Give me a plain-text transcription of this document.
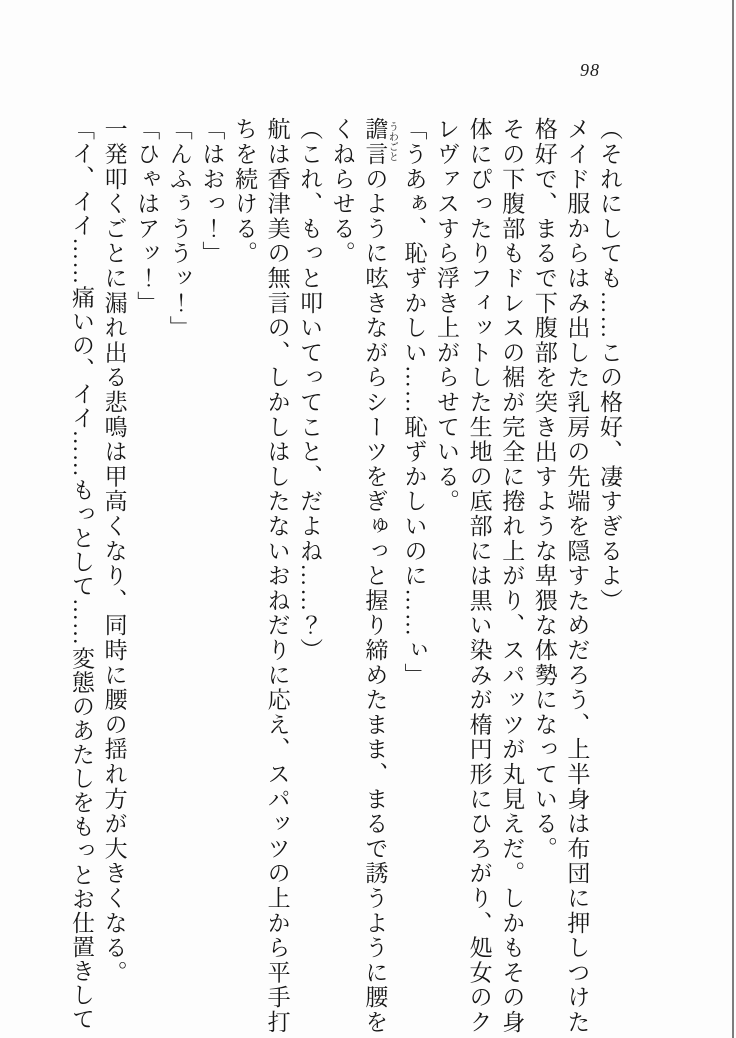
98

（それにしても……この格好、凄すぎるよ）

メイド服からはみ出した乳房の先端を隠すためだろう、上半身は布団に押しつけた格好で、まるで下腹部を突き出すような卑猥な体勢になっている。

その下腹部もドレスの裾が完全に捲れ上がり、スパッツが丸見えだ。しかもその身体にぴったりフィットした生地の底部には黒い染みが楕円形にひろがり、処女のクレヴァスすら浮き上がらせている。

「うあぁ、恥ずかしい……恥ずかしいのに……ぃ」

譫言 うわごとのように呟きながらシーツをぎゅっと握り締めたまま、まるで誘うように腰をくねらせる。

（これ、もっと叩いてってこと、だよね……？）

航は香津美の無言の、しかしはしたないおねだりに応え、スパッツの上から平手打ちを続ける。

「はおっ！」

「んふぅううッ！」

「ひゃはアッ！」

一発叩くごとに漏れ出る悲鳴は甲高くなり、同時に腰の揺れ方が大きくなる。

「イ、イイ……痛いの、イイ……もっとして……変態のあたしをもっとお仕置きして
